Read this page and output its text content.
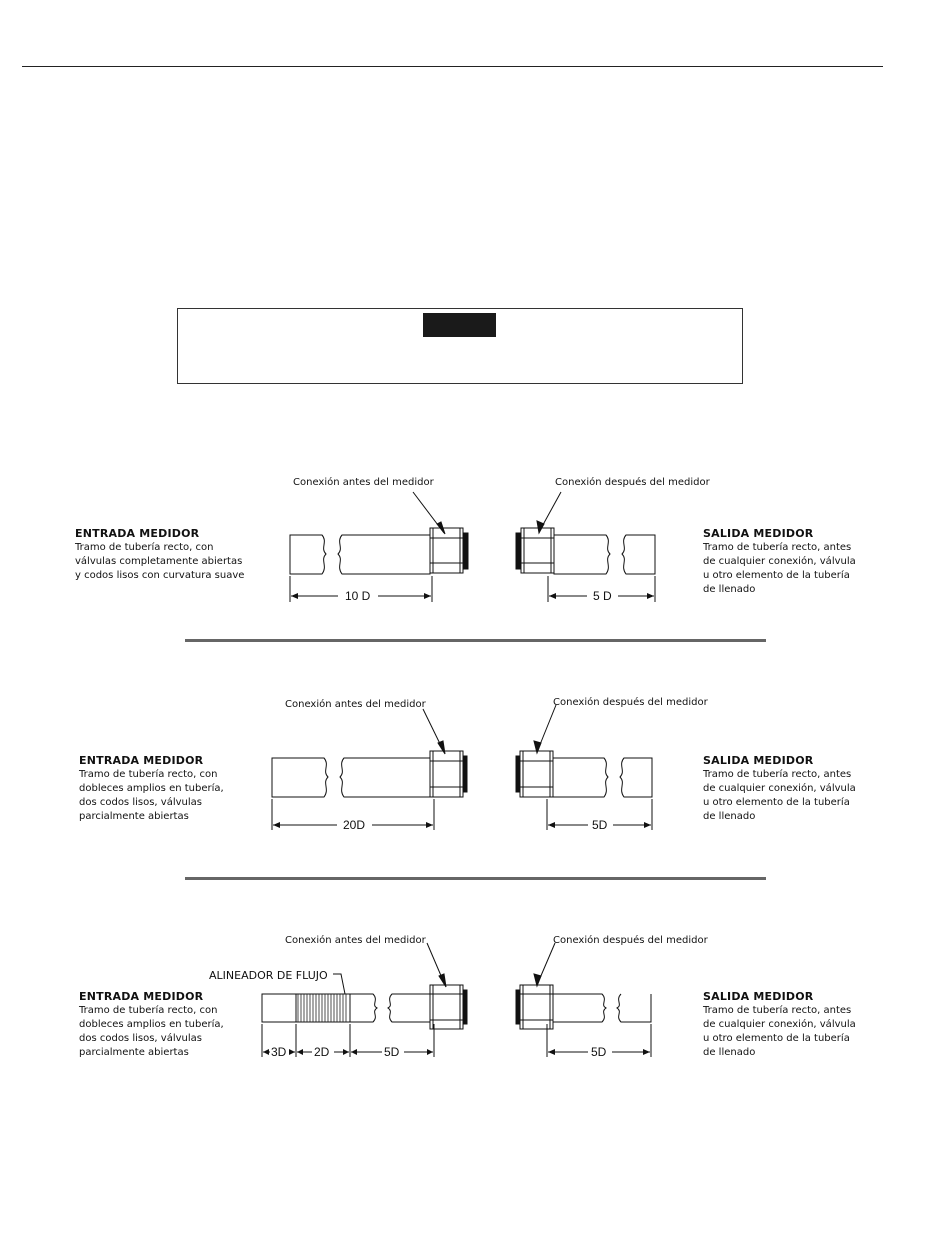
Conexión antes del medidor	Conexión después del medidor
ENTRADA MEDIDOR
Tramo de tubería recto, con
válvulas completamente abiertas
y codos lisos con curvatura suave
SALIDA MEDIDOR
Tramo de tubería recto, antes
de cualquier conexión, válvula
u otro elemento de la tubería
de llenado
10 D	5 D
Conexión antes del medidor	Conexión después del medidor
ENTRADA MEDIDOR
Tramo de tubería recto, con
dobleces amplios en tubería,
dos codos lisos, válvulas
parcialmente abiertas
SALIDA MEDIDOR
Tramo de tubería recto, antes
de cualquier conexión, válvula
u otro elemento de la tubería
de llenado
20D	5D
Conexión antes del medidor	Conexión después del medidor
ALINEADOR DE FLUJO
ENTRADA MEDIDOR
Tramo de tubería recto, con
dobleces amplios en tubería,
dos codos lisos, válvulas
parcialmente abiertas
SALIDA MEDIDOR
Tramo de tubería recto, antes
de cualquier conexión, válvula
u otro elemento de la tubería
de llenado
3D 2D	5D	5D
